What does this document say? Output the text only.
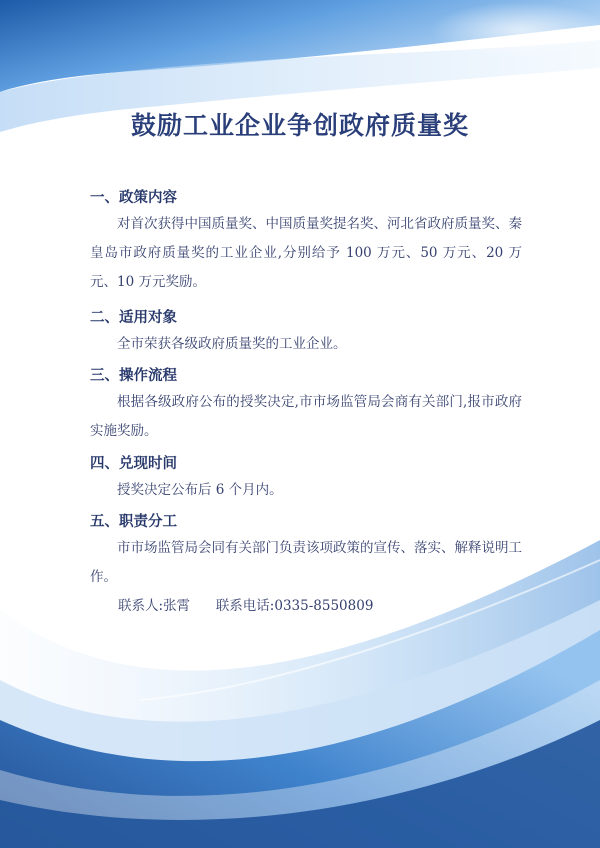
鼓励工业企业争创政府质量奖
一、政策内容

对首次获得中国质量奖、中国质量奖提名奖、河北省政府质量奖、秦皇岛市政府质量奖的工业企业,分别给予 100 万元、50 万元、20 万元、10 万元奖励。

二、适用对象

全市荣获各级政府质量奖的工业企业。

三、操作流程

根据各级政府公布的授奖决定,市市场监管局会商有关部门,报市政府实施奖励。

四、兑现时间

授奖决定公布后 6 个月内。

五、职责分工

市市场监管局会同有关部门负责该项政策的宣传、落实、解释说明工作。

联系人:张霄 联系电话:0335-8550809
